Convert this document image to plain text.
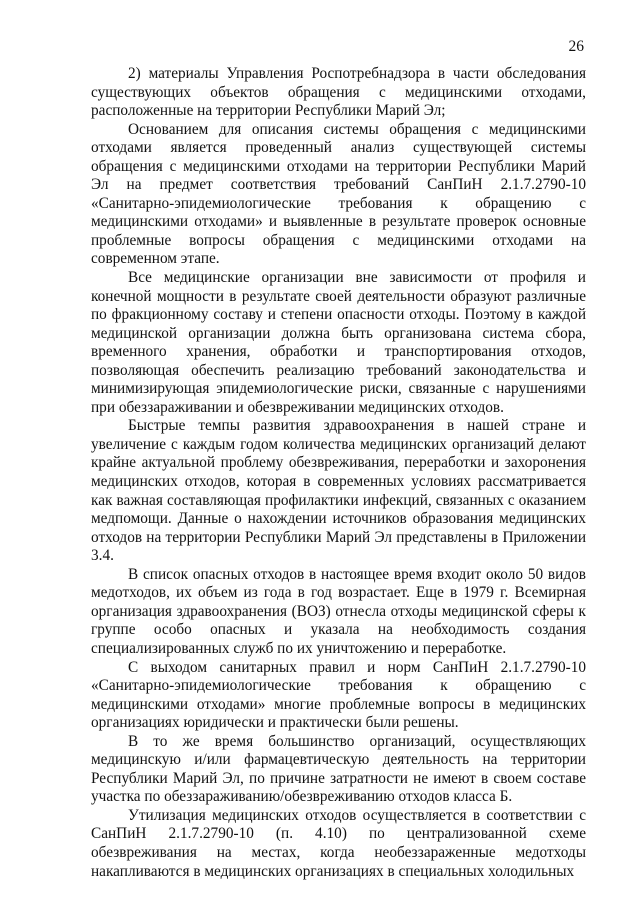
26

2) материалы Управления Роспотребнадзора в части обследования существующих объектов обращения с медицинскими отходами, расположенные на территории Республики Марий Эл;

Основанием для описания системы обращения с медицинскими отходами является проведенный анализ существующей системы обращения с медицинскими отходами на территории Республики Марий Эл на предмет соответствия требований СанПиН 2.1.7.2790-10 «Санитарно-эпидемиологические требования к обращению с медицинскими отходами» и выявленные в результате проверок основные проблемные вопросы обращения с медицинскими отходами на современном этапе.

Все медицинские организации вне зависимости от профиля и конечной мощности в результате своей деятельности образуют различные по фракционному составу и степени опасности отходы. Поэтому в каждой медицинской организации должна быть организована система сбора, временного хранения, обработки и транспортирования отходов, позволяющая обеспечить реализацию требований законодательства и минимизирующая эпидемиологические риски, связанные с нарушениями при обеззараживании и обезвреживании медицинских отходов.

Быстрые темпы развития здравоохранения в нашей стране и увеличение с каждым годом количества медицинских организаций делают крайне актуальной проблему обезвреживания, переработки и захоронения медицинских отходов, которая в современных условиях рассматривается как важная составляющая профилактики инфекций, связанных с оказанием медпомощи. Данные о нахождении источников образования медицинских отходов на территории Республики Марий Эл представлены в Приложении 3.4.

В список опасных отходов в настоящее время входит около 50 видов медотходов, их объем из года в год возрастает. Еще в 1979 г. Всемирная организация здравоохранения (ВОЗ) отнесла отходы медицинской сферы к группе особо опасных и указала на необходимость создания специализированных служб по их уничтожению и переработке.

С выходом санитарных правил и норм СанПиН 2.1.7.2790-10 «Санитарно-эпидемиологические требования к обращению с медицинскими отходами» многие проблемные вопросы в медицинских организациях юридически и практически были решены.

В то же время большинство организаций, осуществляющих медицинскую и/или фармацевтическую деятельность на территории Республики Марий Эл, по причине затратности не имеют в своем составе участка по обеззараживанию/обезвреживанию отходов класса Б.

Утилизация медицинских отходов осуществляется в соответствии с СанПиН 2.1.7.2790-10 (п. 4.10) по централизованной схеме обезвреживания на местах, когда необеззараженные медотходы накапливаются в медицинских организациях в специальных холодильных
